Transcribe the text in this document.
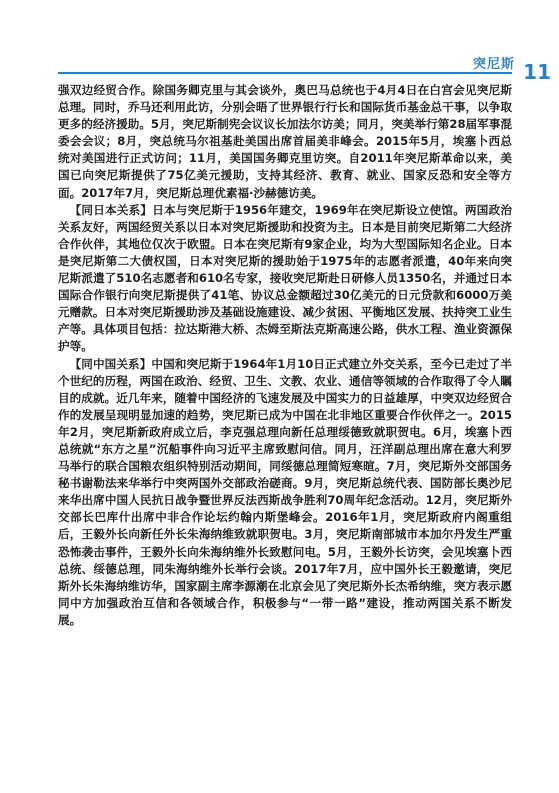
突尼斯 11

强双边经贸合作。除国务卿克里与其会谈外，奥巴马总统也于4月4日在白宫会见突尼斯总理。同时，乔马还利用此访，分别会晤了世界银行行长和国际货币基金总干事，以争取更多的经济援助。5月，突尼斯制宪会议议长加法尔访美；同月，突美举行第28届军事混委会会议；8月，突总统马尔祖基赴美国出席首届美非峰会。2015年5月，埃塞卜西总统对美国进行正式访问；11月，美国国务卿克里访突。自2011年突尼斯革命以来，美国已向突尼斯提供了75亿美元援助，支持其经济、教育、就业、国家反恐和安全等方面。2017年7月，突尼斯总理优素福·沙赫德访美。

【同日本关系】日本与突尼斯于1956年建交，1969年在突尼斯设立使馆。两国政治关系友好，两国经贸关系以日本对突尼斯援助和投资为主。日本是目前突尼斯第二大经济合作伙伴，其地位仅次于欧盟。日本在突尼斯有9家企业，均为大型国际知名企业。日本是突尼斯第二大债权国，日本对突尼斯的援助始于1975年的志愿者派遣，40年来向突尼斯派遣了510名志愿者和610名专家，接收突尼斯赴日研修人员1350名，并通过日本国际合作银行向突尼斯提供了41笔、协议总金额超过30亿美元的日元贷款和6000万美元赠款。日本对突尼斯援助涉及基础设施建设、减少贫困、平衡地区发展、扶持突工业生产等。具体项目包括：拉达斯港大桥、杰姆至斯法克斯高速公路，供水工程、渔业资源保护等。

【同中国关系】中国和突尼斯于1964年1月10日正式建立外交关系，至今已走过了半个世纪的历程，两国在政治、经贸、卫生、文教、农业、通信等领域的合作取得了令人瞩目的成就。近几年来，随着中国经济的飞速发展及中国实力的日益雄厚，中突双边经贸合作的发展呈现明显加速的趋势，突尼斯已成为中国在北非地区重要合作伙伴之一。2015年2月，突尼斯新政府成立后，李克强总理向新任总理绥德致就职贺电。6月，埃塞卜西总统就“东方之星”沉船事件向习近平主席致慰问信。同月，汪洋副总理出席在意大利罗马举行的联合国粮农组织特别活动期间，同绥德总理简短寒暄。7月，突尼斯外交部国务秘书谢勒法来华举行中突两国外交部政治磋商。9月，突尼斯总统代表、国防部长奥沙尼来华出席中国人民抗日战争暨世界反法西斯战争胜利70周年纪念活动。12月，突尼斯外交部长巴库什出席中非合作论坛约翰内斯堡峰会。2016年1月，突尼斯政府内阁重组后，王毅外长向新任外长朱海纳维致就职贺电。3月，突尼斯南部城市本加尔丹发生严重恐怖袭击事件，王毅外长向朱海纳维外长致慰问电。5月，王毅外长访突，会见埃塞卜西总统、绥德总理，同朱海纳维外长举行会谈。2017年7月，应中国外长王毅邀请，突尼斯外长朱海纳维访华，国家副主席李源潮在北京会见了突尼斯外长杰希纳维，突方表示愿同中方加强政治互信和各领域合作，积极参与“一带一路”建设，推动两国关系不断发展。
